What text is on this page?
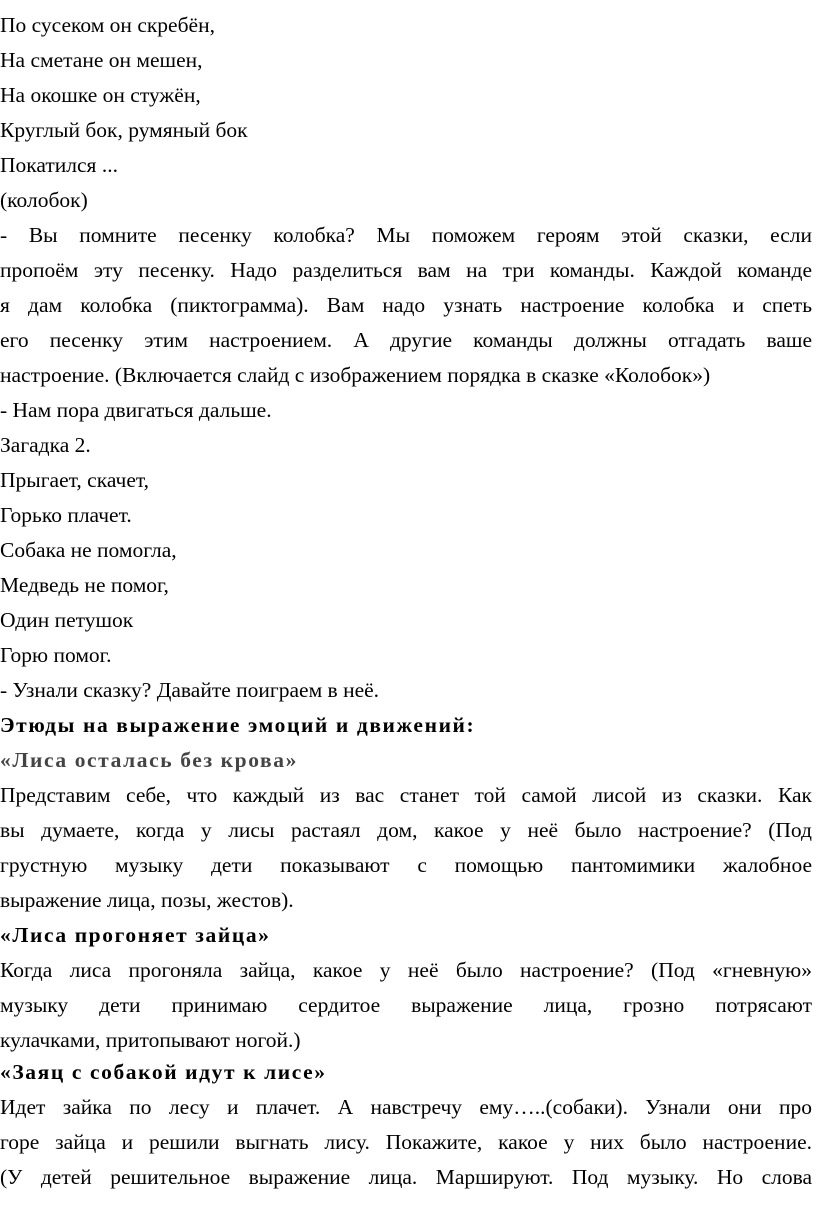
По сусеком он скребён,
На сметане он мешен,
На окошке он стужён,
Круглый бок, румяный бок
Покатился ...
(колобок)
- Вы помните песенку колобка? Мы поможем героям этой сказки, если
пропоём эту песенку. Надо разделиться вам на три команды. Каждой команде
я дам колобка (пиктограмма). Вам надо узнать настроение колобка и спеть
его песенку этим настроением. А другие команды должны отгадать ваше
настроение. (Включается слайд с изображением порядка в сказке «Колобок»)
- Нам пора двигаться дальше.
Загадка 2.
Прыгает, скачет,
Горько плачет.
Собака не помогла,
Медведь не помог,
Один петушок
Горю помог.
- Узнали сказку? Давайте поиграем в неё.
Этюды на выражение эмоций и движений:
«Лиса осталась без крова»
Представим себе, что каждый из вас станет той самой лисой из сказки. Как
вы думаете, когда у лисы растаял дом, какое у неё было настроение? (Под
грустную музыку дети показывают с помощью пантомимики жалобное
выражение лица, позы, жестов).
«Лиса прогоняет зайца»
Когда лиса прогоняла зайца, какое у неё было настроение? (Под «гневную»
музыку дети принимаю сердитое выражение лица, грозно потрясают
кулачками, притопывают ногой.)
«Заяц с собакой идут к лисе»
Идет зайка по лесу и плачет. А навстречу ему…..(собаки). Узнали они про
горе зайца и решили выгнать лису. Покажите, какое у них было настроение.
(У детей решительное выражение лица. Маршируют. Под музыку. Но слова
